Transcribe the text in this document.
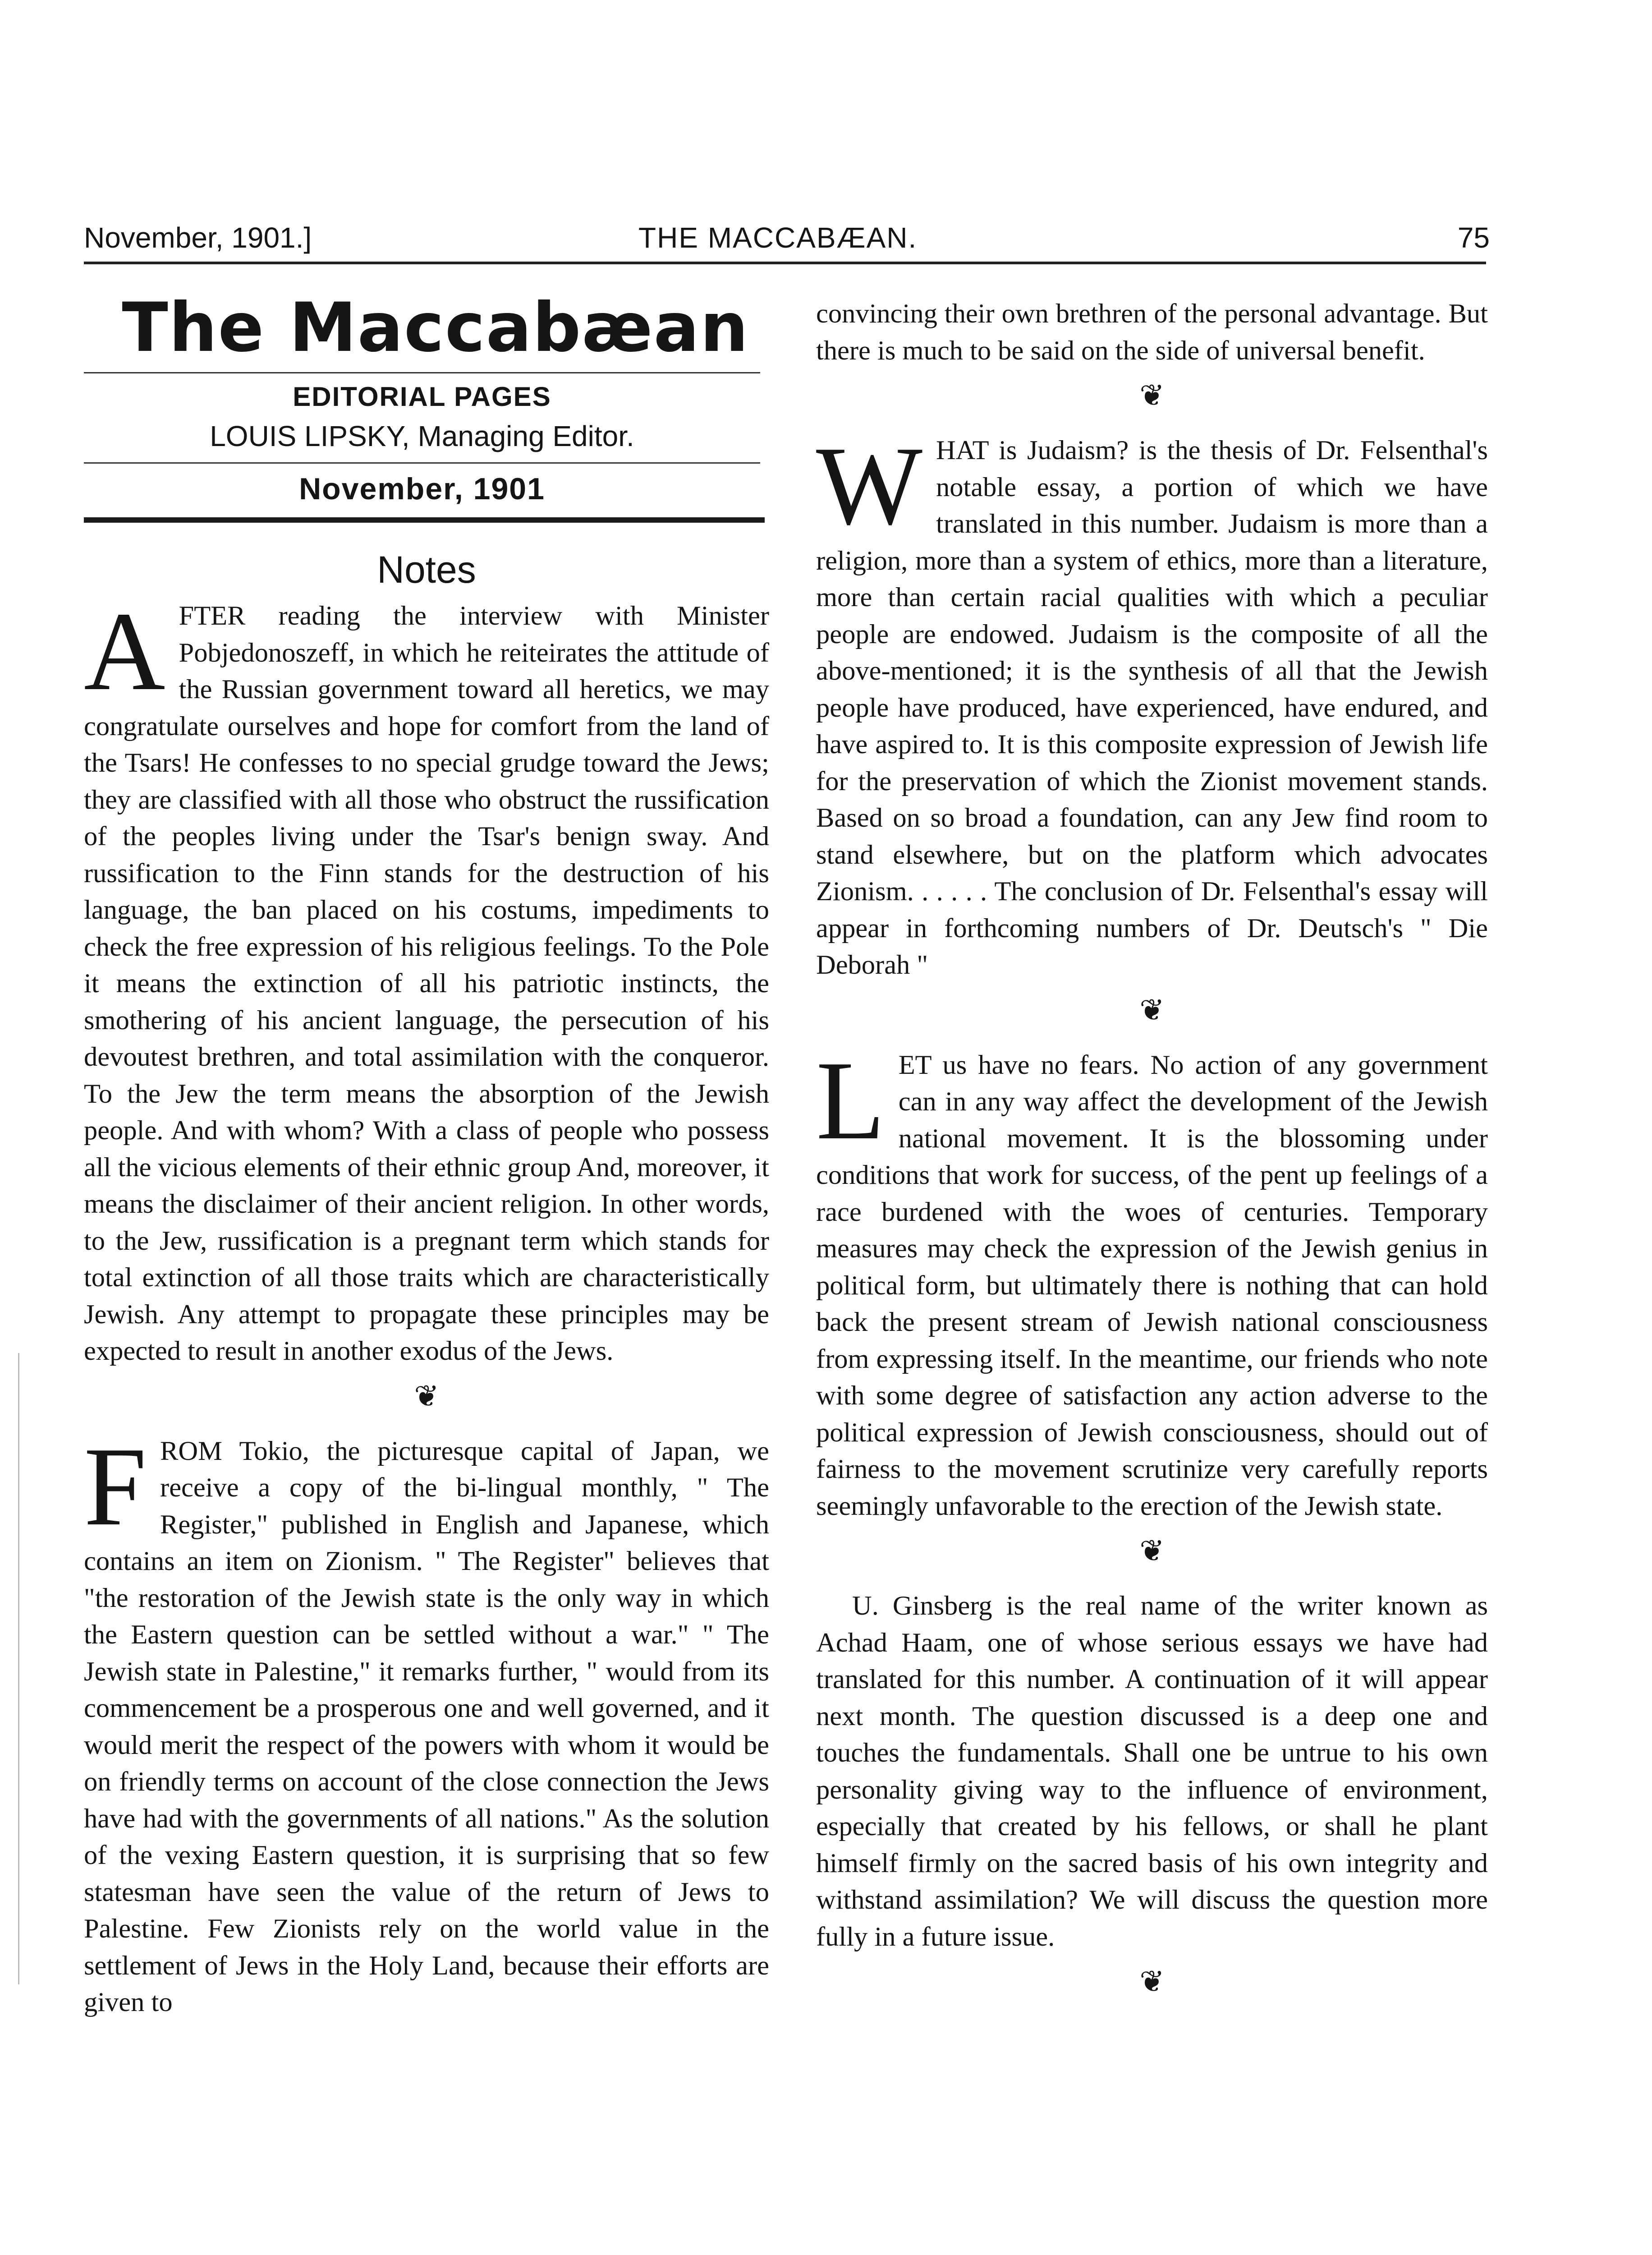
November, 1901.]	THE MACCABÆAN.	75
The Maccabæan
EDITORIAL PAGES
LOUIS LIPSKY, Managing Editor.
November, 1901
Notes

AFTER reading the interview with Minister Pobjedonoszeff, in which he reiteirates the attitude of the Russian government toward all heretics, we may congratulate ourselves and hope for comfort from the land of the Tsars! He confesses to no special grudge toward the Jews; they are classified with all those who obstruct the russification of the peoples living under the Tsar's benign sway. And russification to the Finn stands for the destruction of his language, the ban placed on his costums, impediments to check the free expression of his religious feelings. To the Pole it means the extinction of all his patriotic instincts, the smothering of his ancient language, the persecution of his devoutest brethren, and total assimilation with the conqueror. To the Jew the term means the absorption of the Jewish people. And with whom? With a class of people who possess all the vicious elements of their ethnic group And, moreover, it means the disclaimer of their ancient religion. In other words, to the Jew, russification is a pregnant term which stands for total extinction of all those traits which are characteristically Jewish. Any attempt to propagate these principles may be expected to result in another exodus of the Jews.

❦

FROM Tokio, the picturesque capital of Japan, we receive a copy of the bi-lingual monthly, " The Register," published in English and Japanese, which contains an item on Zionism. " The Register" believes that "the restoration of the Jewish state is the only way in which the Eastern question can be settled without a war." " The Jewish state in Palestine," it remarks further, " would from its commencement be a prosperous one and well governed, and it would merit the respect of the powers with whom it would be on friendly terms on account of the close connection the Jews have had with the governments of all nations." As the solution of the vexing Eastern question, it is surprising that so few statesman have seen the value of the return of Jews to Palestine. Few Zionists rely on the world value in the settlement of Jews in the Holy Land, because their efforts are given to

convincing their own brethren of the personal advantage. But there is much to be said on the side of universal benefit.

❦

WHAT is Judaism? is the thesis of Dr. Felsenthal's notable essay, a portion of which we have translated in this number. Judaism is more than a religion, more than a system of ethics, more than a literature, more than certain racial qualities with which a peculiar people are endowed. Judaism is the composite of all the above-mentioned; it is the synthesis of all that the Jewish people have produced, have experienced, have endured, and have aspired to. It is this composite expression of Jewish life for the preservation of which the Zionist movement stands. Based on so broad a foundation, can any Jew find room to stand elsewhere, but on the platform which advocates Zionism. . . . . . The conclusion of Dr. Felsenthal's essay will appear in forthcoming numbers of Dr. Deutsch's " Die Deborah "

❦

LET us have no fears. No action of any government can in any way affect the development of the Jewish national movement. It is the blossoming under conditions that work for success, of the pent up feelings of a race burdened with the woes of centuries. Temporary measures may check the expression of the Jewish genius in political form, but ultimately there is nothing that can hold back the present stream of Jewish national consciousness from expressing itself. In the meantime, our friends who note with some degree of satisfaction any action adverse to the political expression of Jewish consciousness, should out of fairness to the movement scrutinize very carefully reports seemingly unfavorable to the erection of the Jewish state.

❦

U. Ginsberg is the real name of the writer known as Achad Haam, one of whose serious essays we have had translated for this number. A continuation of it will appear next month. The question discussed is a deep one and touches the fundamentals. Shall one be untrue to his own personality giving way to the influence of environment, especially that created by his fellows, or shall he plant himself firmly on the sacred basis of his own integrity and withstand assimilation? We will discuss the question more fully in a future issue.

❦
